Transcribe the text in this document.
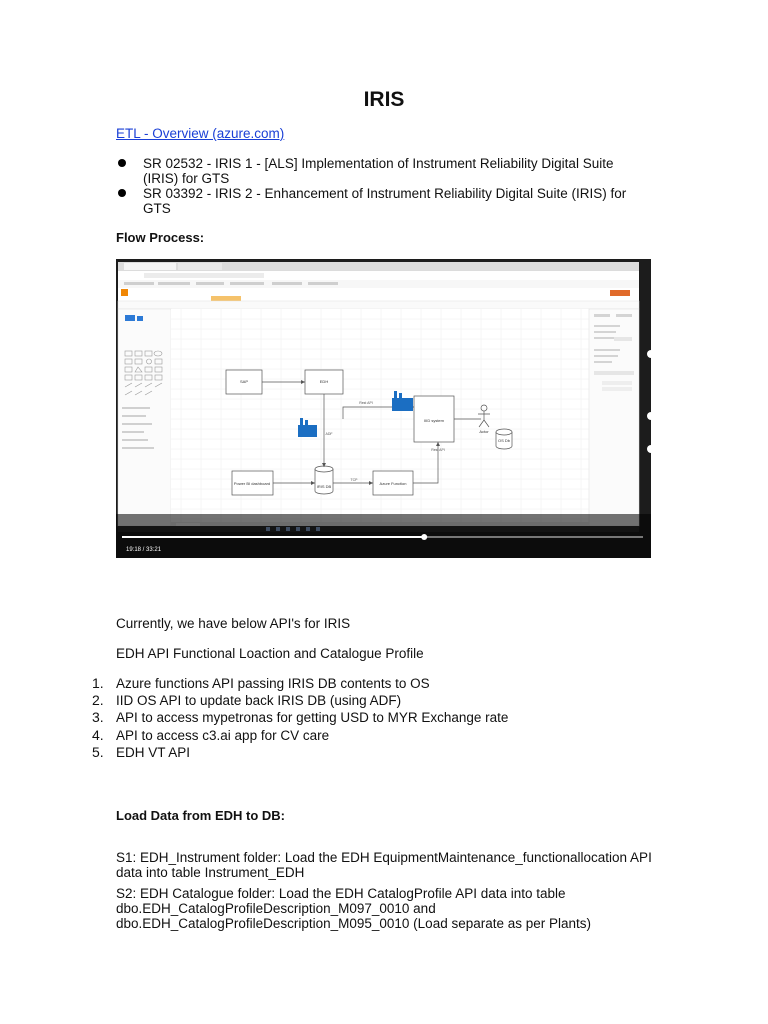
IRIS
ETL - Overview (azure.com)
SR 02532 - IRIS 1 - [ALS] Implementation of Instrument Reliability Digital Suite (IRIS) for GTS
SR 03392 - IRIS 2 - Enhancement of Instrument Reliability Digital Suite (IRIS) for GTS
Flow Process:
SAP	EDH
IRIS DB
Power BI dashboard	Azure Function
IIID system
OS Db
Actor
Rest API
Rest API
ADF
TCP
19:18 / 33:21
Currently, we have below API's for IRIS
EDH API Functional Loaction and Catalogue Profile
1. Azure functions API passing IRIS DB contents to OS
2. IID OS API to update back IRIS DB (using ADF)
3. API to access mypetronas for getting USD to MYR Exchange rate
4. API to access c3.ai app for CV care
5. EDH VT API
Load Data from EDH to DB:
S1: EDH_Instrument folder: Load the EDH EquipmentMaintenance_functionallocation API data into table Instrument_EDH
S2: EDH Catalogue folder: Load the EDH CatalogProfile API data into table dbo.EDH_CatalogProfileDescription_M097_0010 and dbo.EDH_CatalogProfileDescription_M095_0010 (Load separate as per Plants)
